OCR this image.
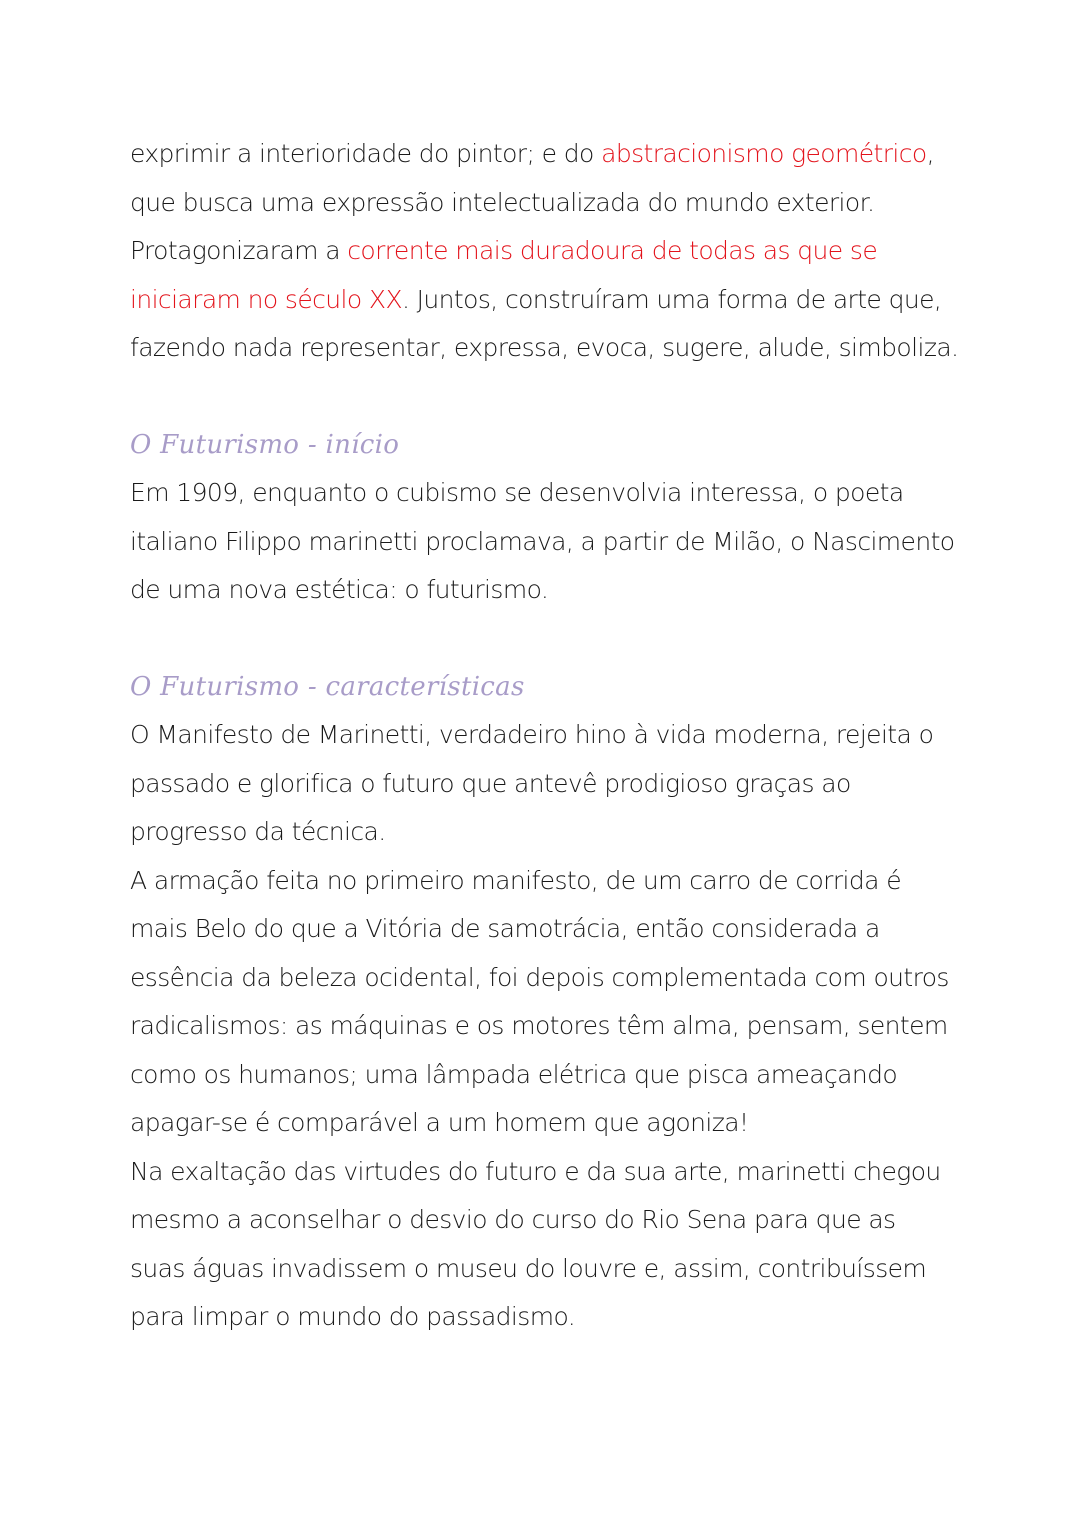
exprimir a interioridade do pintor; e do abstracionismo geométrico,
que busca uma expressão intelectualizada do mundo exterior.
Protagonizaram a corrente mais duradoura de todas as que se
iniciaram no século XX. Juntos, construíram uma forma de arte que,
fazendo nada representar, expressa, evoca, sugere, alude, simboliza.
O Futurismo - início
Em 1909, enquanto o cubismo se desenvolvia interessa, o poeta
italiano Filippo marinetti proclamava, a partir de Milão, o Nascimento
de uma nova estética: o futurismo.
O Futurismo - características
O Manifesto de Marinetti, verdadeiro hino à vida moderna, rejeita o
passado e glorifica o futuro que antevê prodigioso graças ao
progresso da técnica.
A armação feita no primeiro manifesto, de um carro de corrida é
mais Belo do que a Vitória de samotrácia, então considerada a
essência da beleza ocidental, foi depois complementada com outros
radicalismos: as máquinas e os motores têm alma, pensam, sentem
como os humanos; uma lâmpada elétrica que pisca ameaçando
apagar-se é comparável a um homem que agoniza!
Na exaltação das virtudes do futuro e da sua arte, marinetti chegou
mesmo a aconselhar o desvio do curso do Rio Sena para que as
suas águas invadissem o museu do louvre e, assim, contribuíssem
para limpar o mundo do passadismo.
